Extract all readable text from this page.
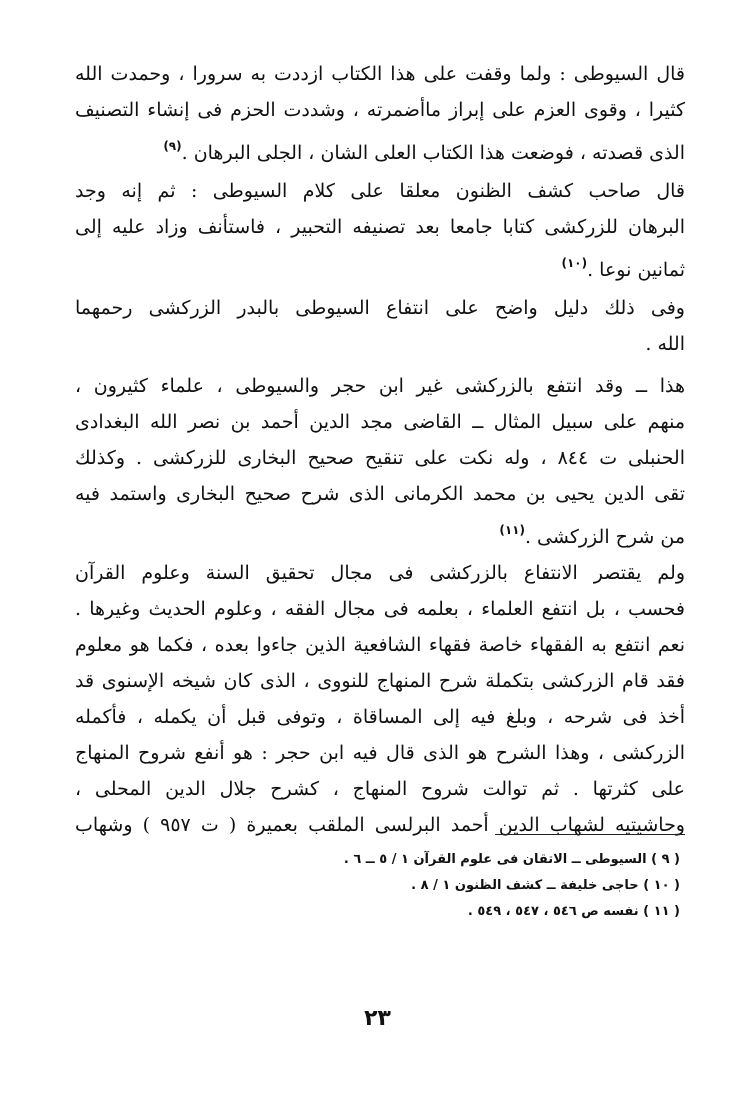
قال السيوطى : ولما وقفت على هذا الكتاب ازددت به سرورا ، وحمدت الله
كثيرا ، وقوى العزم على إبراز ماأضمرته ، وشددت الحزم فى إنشاء التصنيف
الذى قصدته ، فوضعت هذا الكتاب العلى الشان ، الجلى البرهان .$^{(٩)}$
قال صاحب كشف الظنون معلقا على كلام السيوطى : ثم إنه وجد
البرهان للزركشى كتابا جامعا بعد تصنيفه التحبير ، فاستأنف وزاد عليه إلى
ثمانين نوعا .$^{(١٠)}$
وفى ذلك دليل واضح على انتفاع السيوطى بالبدر الزركشى رحمهما
الله .
هذا ــ وقد انتفع بالزركشى غير ابن حجر والسيوطى ، علماء كثيرون ،
منهم على سبيل المثال ــ القاضى مجد الدين أحمد بن نصر الله البغدادى
الحنبلى ت ٨٤٤ ، وله نكت على تنقيح صحيح البخارى للزركشى . وكذلك
تقى الدين يحيى بن محمد الكرمانى الذى شرح صحيح البخارى واستمد فيه
من شرح الزركشى .$^{(١١)}$
ولم يقتصر الانتفاع بالزركشى فى مجال تحقيق السنة وعلوم القرآن
فحسب ، بل انتفع العلماء ، بعلمه فى مجال الفقه ، وعلوم الحديث وغيرها .
نعم انتفع به الفقهاء خاصة فقهاء الشافعية الذين جاءوا بعده ، فكما هو معلوم
فقد قام الزركشى بتكملة شرح المنهاج للنووى ، الذى كان شيخه الإسنوى قد
أخذ فى شرحه ، وبلغ فيه إلى المساقاة ، وتوفى قبل أن يكمله ، فأكمله
الزركشى ، وهذا الشرح هو الذى قال فيه ابن حجر : هو أنفع شروح المنهاج
على كثرتها . ثم توالت شروح المنهاج ، كشرح جلال الدين المحلى ،
وحاشيتيه لشهاب الدين أحمد البرلسى الملقب بعميرة ( ت ٩٥٧ ) وشهاب
( ٩ ) السيوطى ــ الاتقان فى علوم القرآن ١ / ٥ ــ ٦ .
( ١٠ ) حاجى خليفة ــ كشف الظنون ١ / ٨ .
( ١١ ) نفسه ص ٥٤٦ ، ٥٤٧ ، ٥٤٩ .
٢٣
